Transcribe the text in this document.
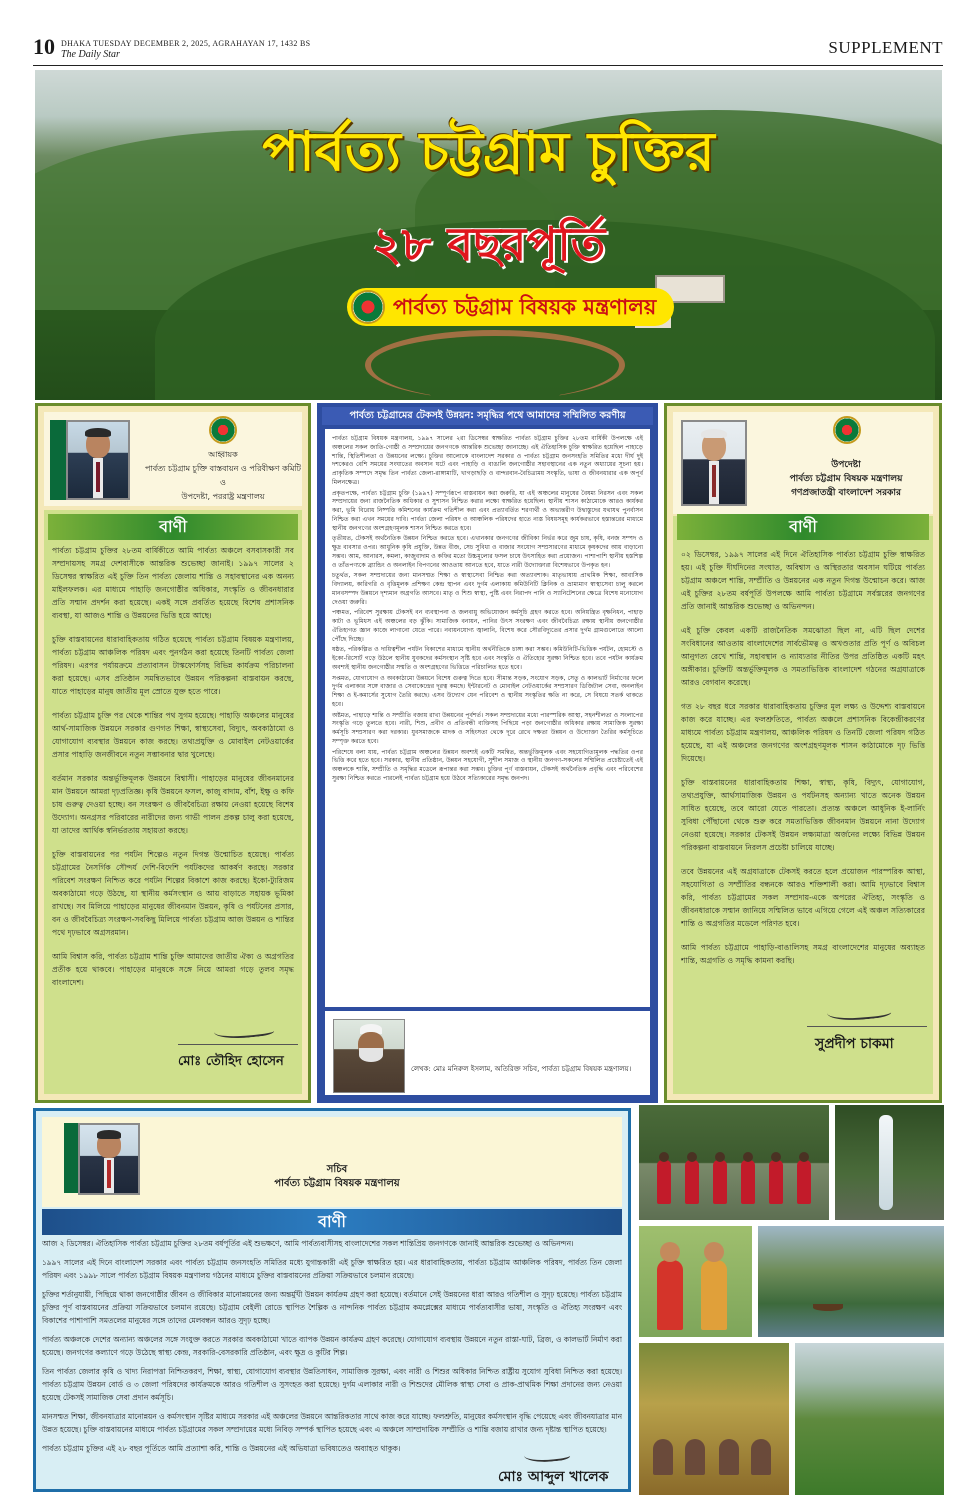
10 DHAKA TUESDAY DECEMBER 2, 2025, AGRAHAYAN 17, 1432 BS
The Daily Star	SUPPLEMENT
পার্বত্য চট্টগ্রাম চুক্তির
২৮ বছরপূর্তি
পার্বত্য চট্টগ্রাম বিষয়ক মন্ত্রণালয়
আহ্বায়ক
পার্বত্য চট্টগ্রাম চুক্তি বাস্তবায়ন ও পরিবীক্ষণ কমিটি
ও
উপদেষ্টা, পররাষ্ট্র মন্ত্রণালয়
বাণী

পার্বত্য চট্টগ্রাম চুক্তির ২৮তম বার্ষিকীতে আমি পার্বত্য অঞ্চলে বসবাসকারী সব সম্প্রদায়সহ সমগ্র দেশবাসীকে আন্তরিক শুভেচ্ছা জানাই। ১৯৯৭ সালের ২ ডিসেম্বর স্বাক্ষরিত এই চুক্তি তিন পার্বত্য জেলায় শান্তি ও সহাবস্থানের এক অনন্য মাইলফলক। এর মাধ্যমে পাহাড়ি জনগোষ্ঠীর অধিকার, সংস্কৃতি ও জীবনধারার প্রতি সম্মান প্রদর্শন করা হয়েছে। একই সঙ্গে প্রবর্তিত হয়েছে বিশেষ প্রশাসনিক ব্যবস্থা, যা আজও শান্তি ও উন্নয়নের ভিত্তি হয়ে আছে।

চুক্তি বাস্তবায়নের ধারাবাহিকতায় গঠিত হয়েছে পার্বত্য চট্টগ্রাম বিষয়ক মন্ত্রণালয়, পার্বত্য চট্টগ্রাম আঞ্চলিক পরিষদ এবং পুনর্গঠন করা হয়েছে তিনটি পার্বত্য জেলা পরিষদ। এরপর পর্যায়ক্রমে প্রত্যাবাসন টাস্কফোর্সসহ বিভিন্ন কার্যক্রম পরিচালনা করা হয়েছে। এসব প্রতিষ্ঠান সমন্বিতভাবে উন্নয়ন পরিকল্পনা বাস্তবায়ন করছে, যাতে পাহাড়ের মানুষ জাতীয় মূল স্রোতে যুক্ত হতে পারে।

পার্বত্য চট্টগ্রাম চুক্তি পর থেকে শান্তির পথ সুগম হয়েছে। পাহাড়ি অঞ্চলের মানুষের আর্থ-সামাজিক উন্নয়নে সরকার গুণগত শিক্ষা, স্বাস্থ্যসেবা, বিদ্যুৎ, অবকাঠামো ও যোগাযোগ ব্যবস্থার উন্নয়নে কাজ করছে। তথ্যপ্রযুক্তি ও মোবাইল নেটওয়ার্কের প্রসার পাহাড়ি জনজীবনে নতুন সম্ভাবনার দ্বার খুলেছে।

বর্তমান সরকার অন্তর্ভুক্তিমূলক উন্নয়নে বিশ্বাসী। পাহাড়ের মানুষের জীবনমানের মান উন্নয়নে আমরা দৃঢ়প্রতিজ্ঞ। কৃষি উন্নয়নে ফসল, কাজু বাদাম, বাঁশ, ইক্ষু ও কফি চাষ গুরুত্ব দেওয়া হচ্ছে। বন সংরক্ষণ ও জীববৈচিত্র্য রক্ষায় নেওয়া হয়েছে বিশেষ উদ্যোগ। অনগ্রসর পরিবারের নারীদের জন্য গাভী পালন প্রকল্প চালু করা হয়েছে, যা তাদের আর্থিক স্বনির্ভরতায় সহায়তা করছে।

চুক্তি বাস্তবায়নের পর পর্যটন শিল্পেও নতুন দিগন্ত উন্মোচিত হয়েছে। পার্বত্য চট্টগ্রামের নৈসর্গিক সৌন্দর্য দেশি-বিদেশি পর্যটকদের আকর্ষণ করছে। সরকার পরিবেশ সংরক্ষণ নিশ্চিত করে পর্যটন শিল্পের বিকাশে কাজ করছে। ইকো-ট্যুরিজম অবকাঠামো গড়ে উঠছে, যা স্থানীয় কর্মসংস্থান ও আয় বাড়াতে সহায়ক ভূমিকা রাখছে। সব মিলিয়ে পাহাড়ের মানুষের জীবনমান উন্নয়ন, কৃষি ও পর্যটনের প্রসার, বন ও জীববৈচিত্র্য সংরক্ষণ-সবকিছু মিলিয়ে পার্বত্য চট্টগ্রাম আজ উন্নয়ন ও শান্তির পথে দৃঢ়ভাবে অগ্রসরমান।

আমি বিশ্বাস করি, পার্বত্য চট্টগ্রাম শান্তি চুক্তি আমাদের জাতীয় ঐক্য ও অগ্রগতির প্রতীক হয়ে থাকবে। পাহাড়ের মানুষকে সঙ্গে নিয়ে আমরা গড়ে তুলব সমৃদ্ধ বাংলাদেশ।

মোঃ তৌহিদ হোসেন
পার্বত্য চট্টগ্রামের টেকসই উন্নয়ন: সমৃদ্ধির পথে আমাদের সম্মিলিত করণীয়

পার্বত্য চট্টগ্রাম বিষয়ক মন্ত্রণালয়, ১৯৯৭ সালের ২রা ডিসেম্বর স্বাক্ষরিত পার্বত্য চট্টগ্রাম চুক্তির ২৮তম বার্ষিকী উপলক্ষে এই অঞ্চলের সকল জাতি-গোষ্ঠী ও সম্প্রদায়ের জনগণকে আন্তরিক শুভেচ্ছা জানাচ্ছে। এই ঐতিহাসিক চুক্তি স্বাক্ষরিত হয়েছিল পাহাড়ে শান্তি, স্থিতিশীলতা ও উন্নয়নের লক্ষ্যে। চুক্তির আলোকে বাংলাদেশ সরকার ও পার্বত্য চট্টগ্রাম জনসংহতি সমিতির মধ্যে দীর্ঘ দুই দশকেরও বেশি সময়ের সংঘাতের অবসান ঘটে এবং পাহাড়ি ও বাঙালি জনগোষ্ঠীর সহাবস্থানের এক নতুন অধ্যায়ের সূচনা হয়। প্রাকৃতিক সম্পদে সমৃদ্ধ তিন পার্বত্য জেলা-রাঙ্গামাটি, খাগড়াছড়ি ও বান্দরবান-বৈচিত্র্যময় সংস্কৃতি, ভাষা ও জীবনধারার এক অপূর্ব মিলনক্ষেত্র।

প্রকৃতপক্ষে, পার্বত্য চট্টগ্রাম চুক্তি (১৯৯৭) সম্পূর্ণরূপে বাস্তবায়ন করা জরুরি, যা এই অঞ্চলের মানুষের বৈষম্য নিরসন এবং সকল সম্প্রদায়ের জন্য রাজনৈতিক অধিকার ও সুশাসন নিশ্চিত করার লক্ষ্যে স্বাক্ষরিত হয়েছিল। স্থানীয় শাসন কাঠামোকে আরও কার্যকর করা, ভূমি বিরোধ নিষ্পত্তি কমিশনের কার্যক্রম গতিশীল করা এবং প্রত্যাবর্তিত শরণার্থী ও অভ্যন্তরীণ উদ্বাস্তুদের যথাযথ পুনর্বাসন নিশ্চিত করা এখন সময়ের দাবি। পার্বত্য জেলা পরিষদ ও আঞ্চলিক পরিষদের হাতে ন্যস্ত বিষয়সমূহ কার্যকরভাবে হস্তান্তরের মাধ্যমে স্থানীয় জনগণের অংশগ্রহণমূলক শাসন নিশ্চিত করতে হবে।

তৃতীয়ত, টেকসই অর্থনৈতিক উন্নয়ন নিশ্চিত করতে হবে। এখানকার জনগণের জীবিকা নির্ভর করে জুম চাষ, কৃষি, বনজ সম্পদ ও ক্ষুদ্র ব্যবসার ওপর। আধুনিক কৃষি প্রযুক্তি, উন্নত বীজ, সেচ সুবিধা ও বাজার সংযোগ সম্প্রসারণের মাধ্যমে কৃষকদের আয় বাড়ানো সম্ভব। আম, আনারস, কমলা, কাজুবাদাম ও কফির মতো উচ্চমূল্যের ফসল চাষে উৎসাহিত করা প্রয়োজন। পাশাপাশি স্থানীয় হস্তশিল্প ও তাঁতপণ্যকে ব্র্যান্ডিং ও অনলাইন বিপণনের আওতায় আনতে হবে, যাতে নারী উদ্যোক্তারা বিশেষভাবে উপকৃত হন।

চতুর্থত, সকল সম্প্রদায়ের জন্য মানসম্মত শিক্ষা ও স্বাস্থ্যসেবা নিশ্চিত করা অত্যাবশ্যক। মাতৃভাষায় প্রাথমিক শিক্ষা, আবাসিক বিদ্যালয়, কারিগরি ও বৃত্তিমূলক প্রশিক্ষণ কেন্দ্র স্থাপন এবং দুর্গম এলাকায় কমিউনিটি ক্লিনিক ও ভ্রাম্যমাণ স্বাস্থ্যসেবা চালু করলে মানবসম্পদ উন্নয়নে দৃশ্যমান অগ্রগতি আসবে। মাতৃ ও শিশু স্বাস্থ্য, পুষ্টি এবং নিরাপদ পানি ও স্যানিটেশনের ক্ষেত্রে বিশেষ মনোযোগ দেওয়া জরুরি।

পঞ্চমত, পরিবেশ সুরক্ষায় টেকসই বন ব্যবস্থাপনা ও জলবায়ু অভিযোজন কর্মসূচি গ্রহণ করতে হবে। অনিয়ন্ত্রিত বৃক্ষনিধন, পাহাড় কাটা ও ভূমিধস এই অঞ্চলের বড় ঝুঁকি। সামাজিক বনায়ন, পানির উৎস সংরক্ষণ এবং জীববৈচিত্র্য রক্ষায় স্থানীয় জনগোষ্ঠীর ঐতিহ্যগত জ্ঞান কাজে লাগানো যেতে পারে। নবায়নযোগ্য জ্বালানি, বিশেষ করে সৌরবিদ্যুতের প্রসার দুর্গম গ্রামগুলোতে আলো পৌঁছে দিচ্ছে।

ষষ্ঠত, পরিকল্পিত ও দায়িত্বশীল পর্যটন বিকাশের মাধ্যমে স্থানীয় অর্থনীতিকে চাঙ্গা করা সম্ভব। কমিউনিটি-ভিত্তিক পর্যটন, হোমস্টে ও ইকো-রিসোর্ট গড়ে উঠলে স্থানীয় যুবকদের কর্মসংস্থান সৃষ্টি হবে এবং সংস্কৃতি ও ঐতিহ্যের সুরক্ষা নিশ্চিত হবে। তবে পর্যটন কার্যক্রম অবশ্যই স্থানীয় জনগোষ্ঠীর সম্মতি ও অংশগ্রহণের ভিত্তিতে পরিচালিত হতে হবে।

সপ্তমত, যোগাযোগ ও অবকাঠামো উন্নয়নে বিশেষ গুরুত্ব দিতে হবে। সীমান্ত সড়ক, সংযোগ সড়ক, সেতু ও কালভার্ট নির্মাণের ফলে দুর্গম এলাকার সঙ্গে বাজার ও সেবাকেন্দ্রের দূরত্ব কমছে। ইন্টারনেট ও মোবাইল নেটওয়ার্কের সম্প্রসারণ ডিজিটাল সেবা, অনলাইন শিক্ষা ও ই-কমার্সের সুযোগ তৈরি করছে। এসব উদ্যোগ যেন পরিবেশ ও স্থানীয় সংস্কৃতির ক্ষতি না করে, সে বিষয়ে সতর্ক থাকতে হবে।

অষ্টমত, পাহাড়ে শান্তি ও সম্প্রীতি বজায় রাখা উন্নয়নের পূর্বশর্ত। সকল সম্প্রদায়ের মধ্যে পারস্পরিক আস্থা, সহনশীলতা ও সংলাপের সংস্কৃতি গড়ে তুলতে হবে। নারী, শিশু, প্রবীণ ও প্রতিবন্ধী ব্যক্তিসহ পিছিয়ে পড়া জনগোষ্ঠীর অধিকার রক্ষায় সামাজিক সুরক্ষা কর্মসূচি সম্প্রসারণ করা দরকার। যুবসমাজকে মাদক ও সহিংসতা থেকে দূরে রেখে দক্ষতা উন্নয়ন ও উদ্যোক্তা তৈরির কর্মসূচিতে সম্পৃক্ত করতে হবে।

পরিশেষে বলা যায়, পার্বত্য চট্টগ্রাম অঞ্চলের উন্নয়ন অবশ্যই একটি সমন্বিত, অন্তর্ভুক্তিমূলক এবং সহযোগিতামূলক পদ্ধতির ওপর ভিত্তি করে হতে হবে। সরকার, স্থানীয় প্রতিষ্ঠান, উন্নয়ন সহযোগী, সুশীল সমাজ ও স্থানীয় জনগণ-সকলের সম্মিলিত প্রচেষ্টাতেই এই অঞ্চলকে শান্তি, সম্প্রীতি ও সমৃদ্ধির মডেলে রূপান্তর করা সম্ভব। চুক্তির পূর্ণ বাস্তবায়ন, টেকসই অর্থনৈতিক প্রবৃদ্ধি এবং পরিবেশের সুরক্ষা নিশ্চিত করতে পারলেই পার্বত্য চট্টগ্রাম হয়ে উঠবে সত্যিকারের সমৃদ্ধ জনপদ।

লেখক: মোঃ মনিরুল ইসলাম, অতিরিক্ত সচিব, পার্বত্য চট্টগ্রাম বিষয়ক মন্ত্রণালয়।
উপদেষ্টা
পার্বত্য চট্টগ্রাম বিষয়ক মন্ত্রণালয়
গণপ্রজাতন্ত্রী বাংলাদেশ সরকার
বাণী

০২ ডিসেম্বর, ১৯৯৭ সালের এই দিনে ঐতিহাসিক পার্বত্য চট্টগ্রাম চুক্তি স্বাক্ষরিত হয়। এই চুক্তি দীর্ঘদিনের সংঘাত, অবিশ্বাস ও অস্থিরতার অবসান ঘটিয়ে পার্বত্য চট্টগ্রাম অঞ্চলে শান্তি, সম্প্রীতি ও উন্নয়নের এক নতুন দিগন্ত উন্মোচন করে। আজ এই চুক্তির ২৮তম বর্ষপূর্তি উপলক্ষে আমি পার্বত্য চট্টগ্রামে সর্বস্তরের জনগণের প্রতি জানাই আন্তরিক শুভেচ্ছা ও অভিনন্দন।

এই চুক্তি কেবল একটি রাজনৈতিক সমঝোতা ছিল না, এটি ছিল দেশের সংবিধানের আওতায় বাংলাদেশের সার্বভৌমত্ব ও অখণ্ডতার প্রতি পূর্ণ ও অবিচল আনুগত্য রেখে শান্তি, সহাবস্থান ও ন্যায্যতার নীতির উপর প্রতিষ্ঠিত একটি মহৎ অঙ্গীকার। চুক্তিটি অন্তর্ভুক্তিমূলক ও সমতাভিত্তিক বাংলাদেশ গঠনের অগ্রযাত্রাকে আরও বেগবান করেছে।

গত ২৮ বছর ধরে সরকার ধারাবাহিকতায় চুক্তির মূল লক্ষ্য ও উদ্দেশ্য বাস্তবায়নে কাজ করে যাচ্ছে। এর ফলশ্রুতিতে, পার্বত্য অঞ্চলে প্রশাসনিক বিকেন্দ্রীকরণের মাধ্যমে পার্বত্য চট্টগ্রাম মন্ত্রণালয়, আঞ্চলিক পরিষদ ও তিনটি জেলা পরিষদ গঠিত হয়েছে, যা এই অঞ্চলের জনগণের অংশগ্রহণমূলক শাসন কাঠামোকে দৃঢ় ভিত্তি দিয়েছে।

চুক্তি বাস্তবায়নের ধারাবাহিকতায় শিক্ষা, স্বাস্থ্য, কৃষি, বিদ্যুৎ, যোগাযোগ, তথ্যপ্রযুক্তি, আর্থসামাজিক উন্নয়ন ও পর্যটনসহ অন্যান্য খাতে অনেক উন্নয়ন সাধিত হয়েছে, তবে আরো যেতে পারতো। প্রত্যন্ত অঞ্চলে আধুনিক ই-লার্নিং সুবিধা পৌঁছানো থেকে শুরু করে সমতাভিত্তিক জীবনমান উন্নয়নে নানা উদ্যোগ নেওয়া হয়েছে। সরকার টেকসই উন্নয়ন লক্ষ্যমাত্রা অর্জনের লক্ষ্যে বিভিন্ন উন্নয়ন পরিকল্পনা বাস্তবায়নে নিরলস প্রচেষ্টা চালিয়ে যাচ্ছে।

তবে উন্নয়নের এই অগ্রযাত্রাকে টেকসই করতে হলে প্রয়োজন পারস্পরিক আস্থা, সহযোগিতা ও সম্প্রীতির বন্ধনকে আরও শক্তিশালী করা। আমি দৃঢ়ভাবে বিশ্বাস করি, পার্বত্য চট্টগ্রামের সকল সম্প্রদায়-একে অপরের ঐতিহ্য, সংস্কৃতি ও জীবনধারাকে সম্মান জানিয়ে সম্মিলিত ভাবে এগিয়ে গেলে এই অঞ্চল সত্যিকারের শান্তি ও অগ্রগতির মডেলে পরিণত হবে।

আমি পার্বত্য চট্টগ্রামে পাহাড়ি-বাঙালিসহ সমগ্র বাংলাদেশের মানুষের অব্যাহত শান্তি, অগ্রগতি ও সমৃদ্ধি কামনা করছি।

সুপ্রদীপ চাকমা
সচিব
পার্বত্য চট্টগ্রাম বিষয়ক মন্ত্রণালয়
বাণী

আজ ২ ডিসেম্বর। ঐতিহাসিক পার্বত্য চট্টগ্রাম চুক্তির ২৮তম বর্ষপূর্তির এই শুভক্ষণে, আমি পার্বত্যবাসীসহ বাংলাদেশের সকল শান্তিপ্রিয় জনগণকে জানাই আন্তরিক শুভেচ্ছা ও অভিনন্দন।

১৯৯৭ সালের এই দিনে বাংলাদেশ সরকার এবং পার্বত্য চট্টগ্রাম জনসংহতি সমিতির মধ্যে যুগান্তকারী এই চুক্তি স্বাক্ষরিত হয়। এর ধারাবাহিকতায়, পার্বত্য চট্টগ্রাম আঞ্চলিক পরিষদ, পার্বত্য তিন জেলা পরিষদ এবং ১৯৯৮ সালে পার্বত্য চট্টগ্রাম বিষয়ক মন্ত্রণালয় গঠনের মাধ্যমে চুক্তির বাস্তবায়নের প্রক্রিয়া সক্রিয়ভাবে চলমান রয়েছে।

চুক্তির শর্তানুযায়ী, পিছিয়ে থাকা জনগোষ্ঠীর জীবন ও জীবিকার মানোন্নয়নের জন্য অন্তর্মুখী উন্নয়ন কার্যক্রম গ্রহণ করা হয়েছে। বর্তমানে সেই উন্নয়নের ধারা আরও গতিশীল ও সুদৃঢ় হয়েছে। পার্বত্য চট্টগ্রাম চুক্তির পূর্ণ বাস্তবায়নের প্রক্রিয়া সক্রিয়ভাবে চলমান রয়েছে। চট্টগ্রাম বেইলী রোডে স্থাপিত শৈল্পিক ও নান্দনিক পার্বত্য চট্টগ্রাম কমপ্লেক্সের মাধ্যমে পার্বত্যবাসীর ভাষা, সংস্কৃতি ও ঐতিহ্য সংরক্ষণ এবং বিকাশের পাশাপাশি সমতলের মানুষের সঙ্গে তাদের মেলবন্ধন আরও সুদৃঢ় হচ্ছে।

পার্বত্য অঞ্চলকে দেশের অন্যান্য অঞ্চলের সঙ্গে সংযুক্ত করতে সরকার অবকাঠামো খাতে ব্যাপক উন্নয়ন কার্যক্রম গ্রহণ করেছে। যোগাযোগ ব্যবস্থায় উন্নয়নে নতুন রাস্তা-ঘাট, ব্রিজ, ও কালভার্ট নির্মাণ করা হয়েছে। জনগণের কল্যাণে গড়ে উঠেছে স্বাস্থ্য কেন্দ্র, সরকারি-বেসরকারি প্রতিষ্ঠান, এবং ক্ষুদ্র ও কুটির শিল্প।

তিন পার্বত্য জেলার কৃষি ও খাদ্য নিরাপত্তা নিশ্চিতকরণ, শিক্ষা, স্বাস্থ্য, যোগাযোগ ব্যবস্থার উন্নতিসাধন, সামাজিক সুরক্ষা, এবং নারী ও শিশুর অধিকার নিশ্চিত রাষ্ট্রীয় সুযোগ সুবিধা নিশ্চিত করা হয়েছে। পার্বত্য চট্টগ্রাম উন্নয়ন বোর্ড ও ৩ জেলা পরিষদের কার্যক্রমকে আরও গতিশীল ও সুসংহত করা হয়েছে। দুর্গম এলাকার নারী ও শিশুদের মৌলিক স্বাস্থ্য সেবা ও প্রাক-প্রাথমিক শিক্ষা প্রদানের জন্য নেওয়া হয়েছে টেকসই সামাজিক সেবা প্রদান কর্মসূচি।

মানসম্মত শিক্ষা, জীবনযাত্রার মানোন্নয়ন ও কর্মসংস্থান সৃষ্টির মাধ্যমে সরকার এই অঞ্চলের উন্নয়নে আন্তরিকতার সাথে কাজ করে যাচ্ছে। ফলশ্রুতি, মানুষের কর্মসংস্থান বৃদ্ধি পেয়েছে এবং জীবনযাত্রার মান উন্নত হয়েছে। চুক্তি বাস্তবায়নের মাধ্যমে পার্বত্য চট্টগ্রামের সকল সম্প্রদায়ের মধ্যে নিবিড় সম্পর্ক স্থাপিত হয়েছে এবং এ অঞ্চলে সাম্প্রদায়িক সম্প্রীতি ও শান্তি বজায় রাখার জন্য দৃষ্টান্ত স্থাপিত হয়েছে।

পার্বত্য চট্টগ্রাম চুক্তির এই ২৮ বছর পূর্তিতে আমি প্রত্যাশা করি, শান্তি ও উন্নয়নের এই অভিযাত্রা ভবিষ্যতেও অব্যাহত থাকুক।

মোঃ আব্দুল খালেক
